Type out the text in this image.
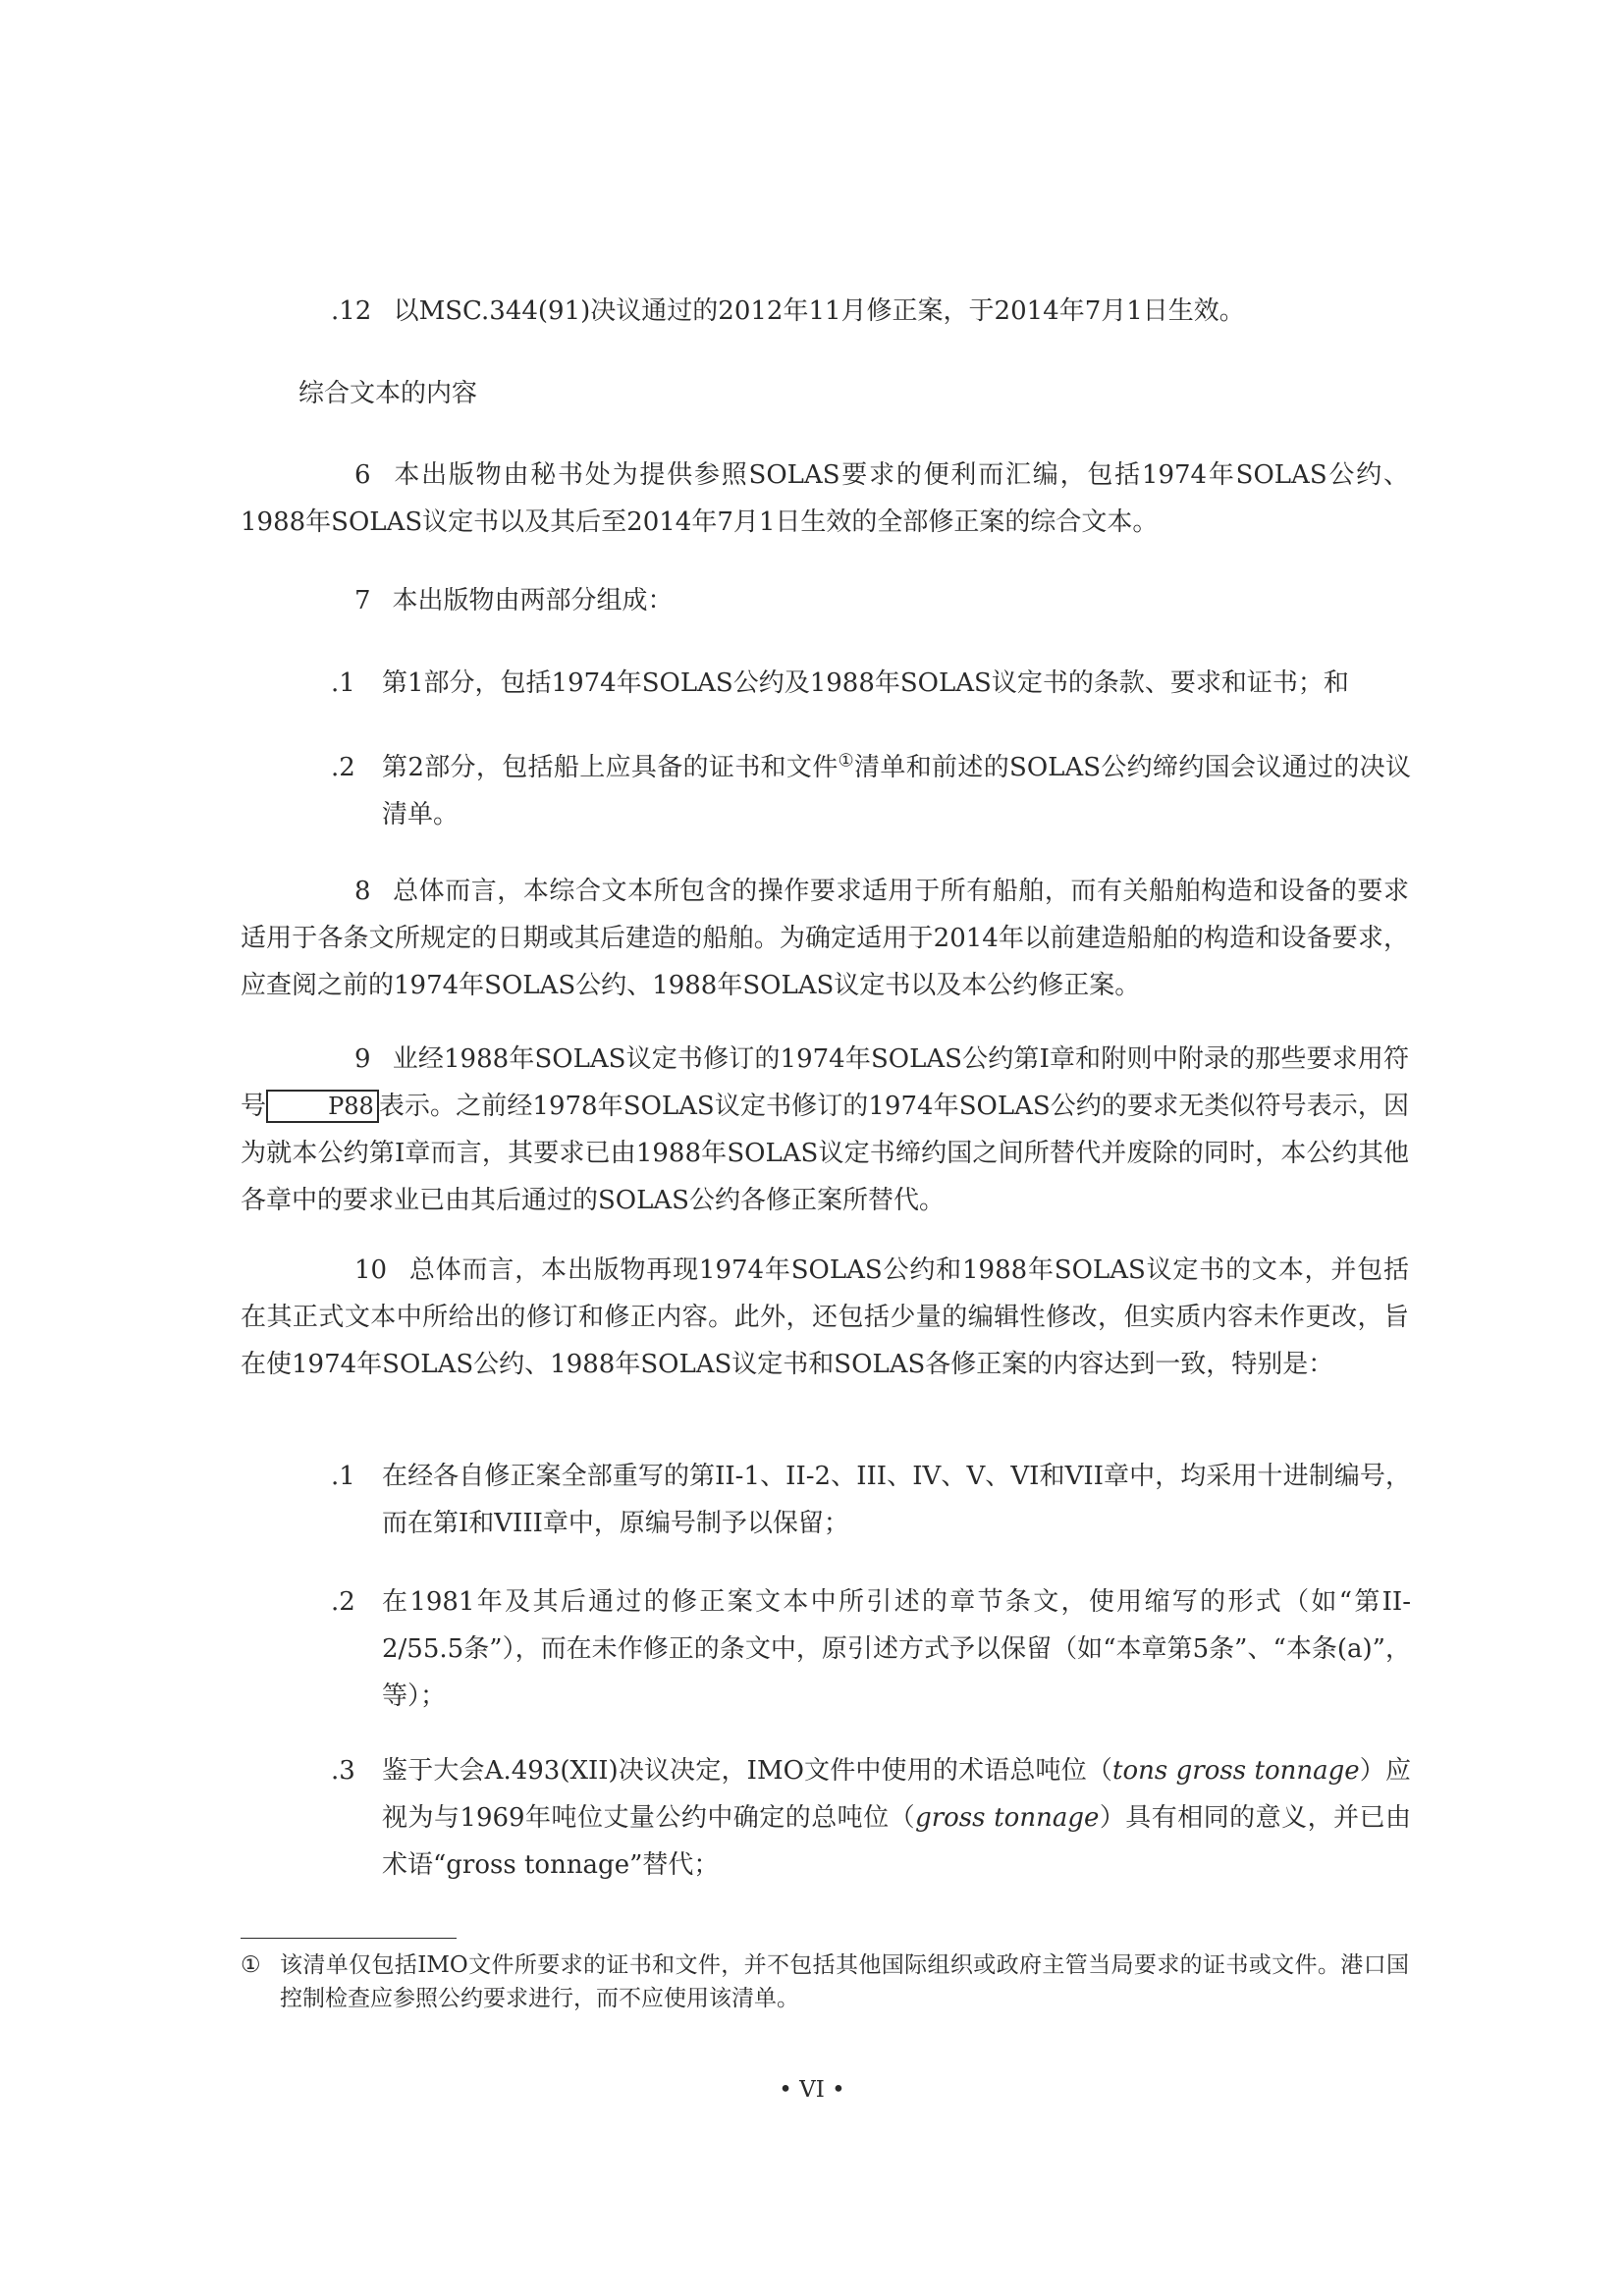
.12 以MSC.344(91)决议通过的2012年11月修正案，于2014年7月1日生效。
综合文本的内容
6 本出版物由秘书处为提供参照SOLAS要求的便利而汇编，包括1974年SOLAS公约、1988年SOLAS议定书以及其后至2014年7月1日生效的全部修正案的综合文本。
7 本出版物由两部分组成：
.1 第1部分，包括1974年SOLAS公约及1988年SOLAS议定书的条款、要求和证书；和
.2 第2部分，包括船上应具备的证书和文件①清单和前述的SOLAS公约缔约国会议通过的决议清单。
8 总体而言，本综合文本所包含的操作要求适用于所有船舶，而有关船舶构造和设备的要求适用于各条文所规定的日期或其后建造的船舶。为确定适用于2014年以前建造船舶的构造和设备要求，应查阅之前的1974年SOLAS公约、1988年SOLAS议定书以及本公约修正案。
9 业经1988年SOLAS议定书修订的1974年SOLAS公约第I章和附则中附录的那些要求用符号	P88 表示。之前经1978年SOLAS议定书修订的1974年SOLAS公约的要求无类似符号表示，因为就本公约第I章而言，其要求已由1988年SOLAS议定书缔约国之间所替代并废除的同时，本公约其他各章中的要求业已由其后通过的SOLAS公约各修正案所替代。
10 总体而言，本出版物再现1974年SOLAS公约和1988年SOLAS议定书的文本，并包括在其正式文本中所给出的修订和修正内容。此外，还包括少量的编辑性修改，但实质内容未作更改，旨在使1974年SOLAS公约、1988年SOLAS议定书和SOLAS各修正案的内容达到一致，特别是：
.1 在经各自修正案全部重写的第II-1、II-2、III、IV、V、VI和VII章中，均采用十进制编号，而在第I和VIII章中，原编号制予以保留；
.2 在1981年及其后通过的修正案文本中所引述的章节条文，使用缩写的形式（如“第II-2/55.5条”），而在未作修正的条文中，原引述方式予以保留（如“本章第5条”、“本条(a)”，等）；
.3 鉴于大会A.493(XII)决议决定，IMO文件中使用的术语总吨位（tons gross tonnage）应视为与1969年吨位丈量公约中确定的总吨位（gross tonnage）具有相同的意义，并已由术语“gross tonnage”替代；
① 该清单仅包括IMO文件所要求的证书和文件，并不包括其他国际组织或政府主管当局要求的证书或文件。港口国控制检查应参照公约要求进行，而不应使用该清单。
• VI •
